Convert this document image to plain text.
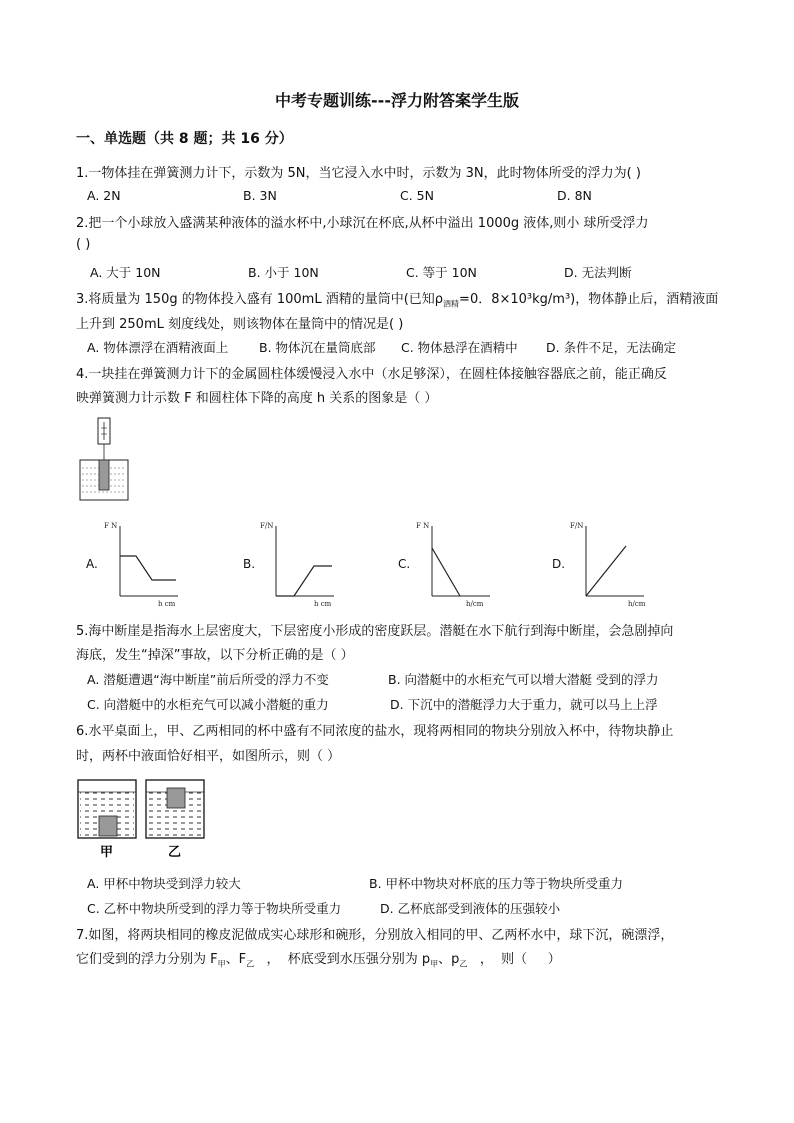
中考专题训练---浮力附答案学生版
一、单选题（共 8 题；共 16 分）
1.一物体挂在弹簧测力计下，示数为 5N，当它浸入水中时，示数为 3N，此时物体所受的浮力为( )
A. 2N	B. 3N	C. 5N	D. 8N
2.把一个小球放入盛满某种液体的溢水杯中,小球沉在杯底,从杯中溢出 1000g 液体,则小 球所受浮力
( )
A. 大于 10N	B. 小于 10N	C. 等于 10N	D. 无法判断
3.将质量为 150g 的物体投入盛有 100mL 酒精的量筒中(已知$\rho_{酒精}=0$．8×10³kg/m³)，物体静止后，酒精液面
上升到 250mL 刻度线处，则该物体在量筒中的情况是( )
A. 物体漂浮在酒精液面上 B. 物体沉在量筒底部 C. 物体悬浮在酒精中 D. 条件不足，无法确定
4.一块挂在弹簧测力计下的金属圆柱体缓慢浸入水中（水足够深），在圆柱体接触容器底之前，能正确反
映弹簧测力计示数 F 和圆柱体下降的高度 h 关系的图象是（ ）
A.
F N
h cm
B.
F/N
h cm
C.
F N
h/cm
D.
F/N
h/cm
5.海中断崖是指海水上层密度大，下层密度小形成的密度跃层。潜艇在水下航行到海中断崖，会急剧掉向
海底，发生“掉深”事故，以下分析正确的是（ ）
A. 潜艇遭遇“海中断崖”前后所受的浮力不变	B. 向潜艇中的水柜充气可以增大潜艇 受到的浮力
C. 向潜艇中的水柜充气可以减小潜艇的重力	D. 下沉中的潜艇浮力大于重力，就可以马上上浮
6.水平桌面上，甲、乙两相同的杯中盛有不同浓度的盐水，现将两相同的物块分别放入杯中，待物块静止
时，两杯中液面恰好相平，如图所示，则（ ）
甲	乙
A. 甲杯中物块受到浮力较大	B. 甲杯中物块对杯底的压力等于物块所受重力
C. 乙杯中物块所受到的浮力等于物块所受重力	D. 乙杯底部受到液体的压强较小
7.如图，将两块相同的橡皮泥做成实心球形和碗形，分别放入相同的甲、乙两杯水中，球下沉，碗漂浮，
它们受到的浮力分别为 $F_甲$、$F_乙$   ，  杯底受到水压强分别为 $p_甲$、$p_乙$   ，  则（     ）
